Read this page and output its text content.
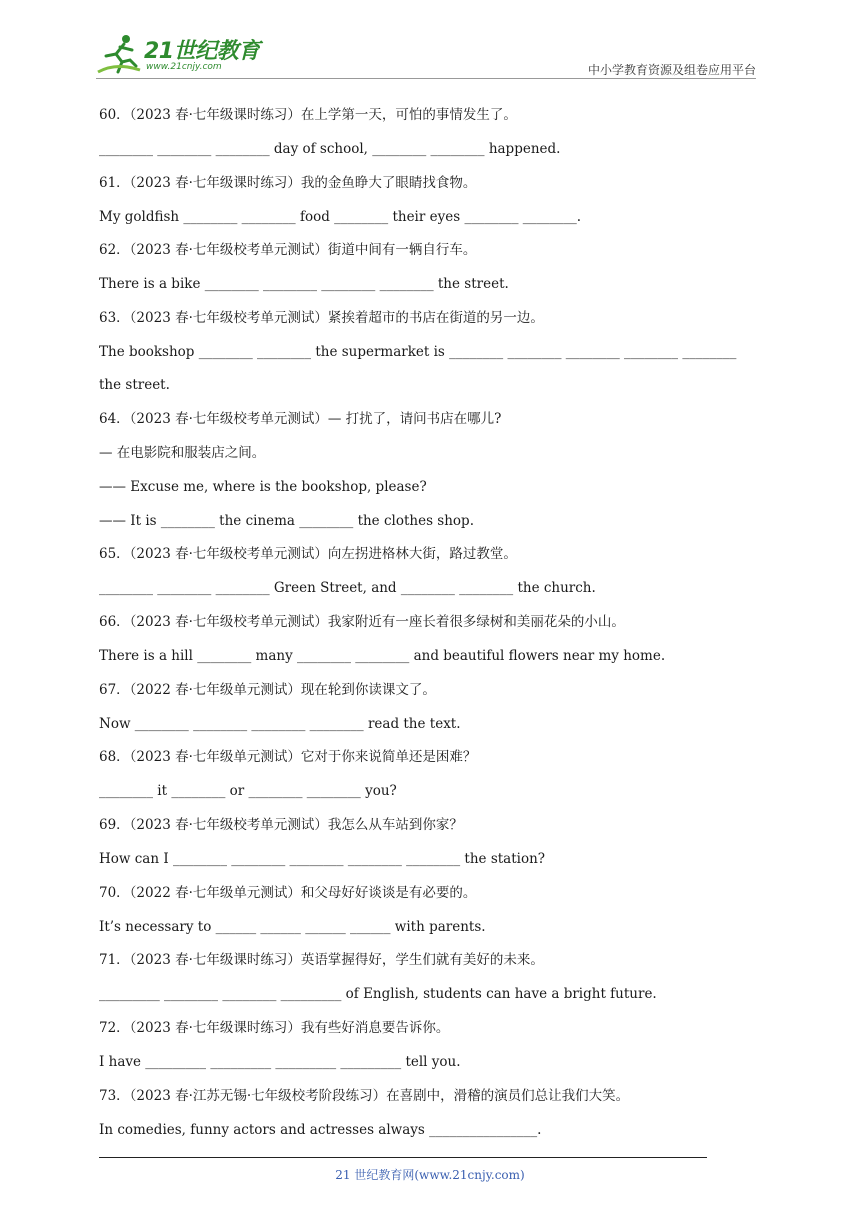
21世纪教育
www.21cnjy.com	中小学教育资源及组卷应用平台
60．（2023 春·七年级课时练习）在上学第一天，可怕的事情发生了。
________ ________ ________ day of school, ________ ________ happened.
61．（2023 春·七年级课时练习）我的金鱼睁大了眼睛找食物。
My goldfish ________ ________ food ________ their eyes ________ ________.
62．（2023 春·七年级校考单元测试）街道中间有一辆自行车。
There is a bike ________ ________ ________ ________ the street.
63．（2023 春·七年级校考单元测试）紧挨着超市的书店在街道的另一边。
The bookshop ________ ________ the supermarket is ________ ________ ________ ________ ________
the street.
64．（2023 春·七年级校考单元测试）— 打扰了，请问书店在哪儿?
— 在电影院和服装店之间。
—— Excuse me, where is the bookshop, please?
—— It is ________ the cinema ________ the clothes shop.
65．（2023 春·七年级校考单元测试）向左拐进格林大街，路过教堂。
________ ________ ________ Green Street, and ________ ________ the church.
66．（2023 春·七年级校考单元测试）我家附近有一座长着很多绿树和美丽花朵的小山。
There is a hill ________ many ________ ________ and beautiful flowers near my home.
67．（2022 春·七年级单元测试）现在轮到你读课文了。
Now ________ ________ ________ ________ read the text.
68．（2023 春·七年级单元测试）它对于你来说简单还是困难？
________ it ________ or ________ ________ you?
69．（2023 春·七年级校考单元测试）我怎么从车站到你家？
How can I ________ ________ ________ ________ ________ the station?
70．（2022 春·七年级单元测试）和父母好好谈谈是有必要的。
It’s necessary to ______ ______ ______ ______ with parents.
71．（2023 春·七年级课时练习）英语掌握得好，学生们就有美好的未来。
_________ ________ ________ _________ of English, students can have a bright future.
72．（2023 春·七年级课时练习）我有些好消息要告诉你。
I have _________ _________ _________ _________ tell you.
73．（2023 春·江苏无锡·七年级校考阶段练习）在喜剧中，滑稽的演员们总让我们大笑。
In comedies, funny actors and actresses always ________________.
21 世纪教育网(www.21cnjy.com)
